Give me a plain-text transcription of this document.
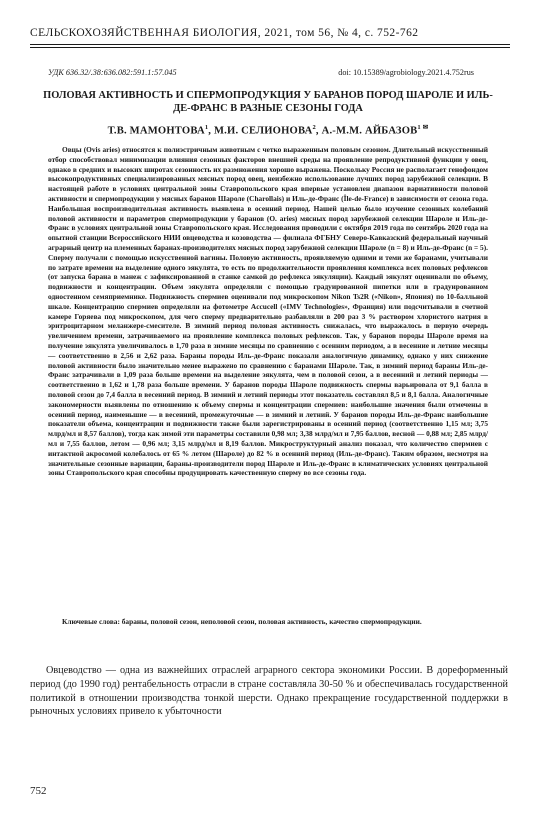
СЕЛЬСКОХОЗЯЙСТВЕННАЯ БИОЛОГИЯ, 2021, том 56, № 4, с. 752-762
УДК 636.32/.38:636.082:591.1:57.045	doi: 10.15389/agrobiology.2021.4.752rus
ПОЛОВАЯ АКТИВНОСТЬ И СПЕРМОПРОДУКЦИЯ У БАРАНОВ ПОРОД ШАРОЛЕ И ИЛЬ-ДЕ-ФРАНС В РАЗНЫЕ СЕЗОНЫ ГОДА
Т.В. МАМОНТОВА$^1$, М.И. СЕЛИОНОВА$^2$, А.-М.М. $АЙБАЗОВ^{1 ✉}$

Овцы (Ovis aries) относятся к полиэстричным животным с четко выраженным половым сезоном. Длительный искусственный отбор способствовал минимизации влияния сезонных факторов внешней среды на проявление репродуктивной функции у овец, однако в средних и высоких широтах сезонность их размножения хорошо выражена. Поскольку Россия не располагает генофондом высокопродуктивных специализированных мясных пород овец, неизбежно использование лучших пород зарубежной селекции. В настоящей работе в условиях центральной зоны Ставропольского края впервые установлен диапазон вариативности половой активности и спермопродукции у мясных баранов Шароле (Charollais) и Иль-де-Франс (Île-de-France) в зависимости от сезона года. Наибольшая воспроизводительная активность выявлена в осенний период. Нашей целью было изучение сезонных колебаний половой активности и параметров спермопродукции у баранов (O. aries) мясных пород зарубежной селекции Шароле и Иль-де-Франс в условиях центральной зоны Ставропольского края. Исследования проводили с октября 2019 года по сентябрь 2020 года на опытной станции Всероссийского НИИ овцеводства и козоводства — филиала ФГБНУ Северо-Кавказский федеральный научный аграрный центр на племенных баранах-производителях мясных пород зарубежной селекции Шароле (n = 8) и Иль-де-Франс (n = 5). Сперму получали с помощью искусственной вагины. Половую активность, проявляемую одними и теми же баранами, учитывали по затрате времени на выделение одного эякулята, то есть по продолжительности проявления комплекса всех половых рефлексов (от запуска барана в манеж с зафиксированной в станке самкой до рефлекса эякуляции). Каждый эякулят оценивали по объему, подвижности и концентрации. Объем эякулята определяли с помощью градуированной пипетки или в градуированном одностенном семяприемнике. Подвижность спермиев оценивали под микроскопом Nikon Ts2R («Nikon», Япония) по 10-балльной шкале. Концентрацию спермиев определяли на фотометре Accucell («IMV Technologies», Франция) или подсчитывали в счетной камере Горяева под микроскопом, для чего сперму предварительно разбавляли в 200 раз 3 % раствором хлористого натрия в эритроцитарном меланжере-смесителе. В зимний период половая активность снижалась, что выражалось в первую очередь увеличением времени, затрачиваемого на проявление комплекса половых рефлексов. Так, у баранов породы Шароле время на получение эякулята увеличивалось в 1,70 раза в зимние месяцы по сравнению с осенним периодом, а в весенние и летние месяцы — соответственно в 2,56 и 2,62 раза. Бараны породы Иль-де-Франс показали аналогичную динамику, однако у них снижение половой активности было значительно менее выражено по сравнению с баранами Шароле. Так, в зимний период бараны Иль-де-Франс затрачивали в 1,09 раза больше времени на выделение эякулята, чем в половой сезон, а в весенний и летний периоды — соответственно в 1,62 и 1,78 раза больше времени. У баранов породы Шароле подвижность спермы варьировала от 9,1 балла в половой сезон до 7,4 балла в весенний период. В зимний и летний периоды этот показатель составлял 8,5 и 8,1 балла. Аналогичные закономерности выявлены по отношению к объему спермы и концентрации спермиев: наибольшие значения были отмечены в осенний период, наименьшие — в весенний, промежуточные — в зимний и летний. У баранов породы Иль-де-Франс наибольшие показатели объема, концентрации и подвижности также были зарегистрированы в осенний период (соответственно 1,15 мл; 3,75 млрд/мл и 8,57 баллов), тогда как зимой эти параметры составили 0,98 мл; 3,38 млрд/мл и 7,95 баллов, весной — 0,88 мл; 2,85 млрд/мл и 7,55 баллов, летом — 0,96 мл; 3,15 млрд/мл и 8,19 баллов. Микроструктурный анализ показал, что количество спермиев с интактной акросомой колебалось от 65 % летом (Шароле) до 82 % в осенний период (Иль-де-Франс). Таким образом, несмотря на значительные сезонные вариации, бараны-производители пород Шароле и Иль-де-Франс в климатических условиях центральной зоны Ставропольского края способны продуцировать качественную сперму во все сезоны года.

Ключевые слова: бараны, половой сезон, неполовой сезон, половая активность, качество спермопродукции.

Овцеводство — одна из важнейших отраслей аграрного сектора экономики России. В дореформенный период (до 1990 год) рентабельность отрасли в стране составляла 30-50 % и обеспечивалась государственной политикой в отношении производства тонкой шерсти. Однако прекращение государственной поддержки в рыночных условиях привело к убыточности

752
